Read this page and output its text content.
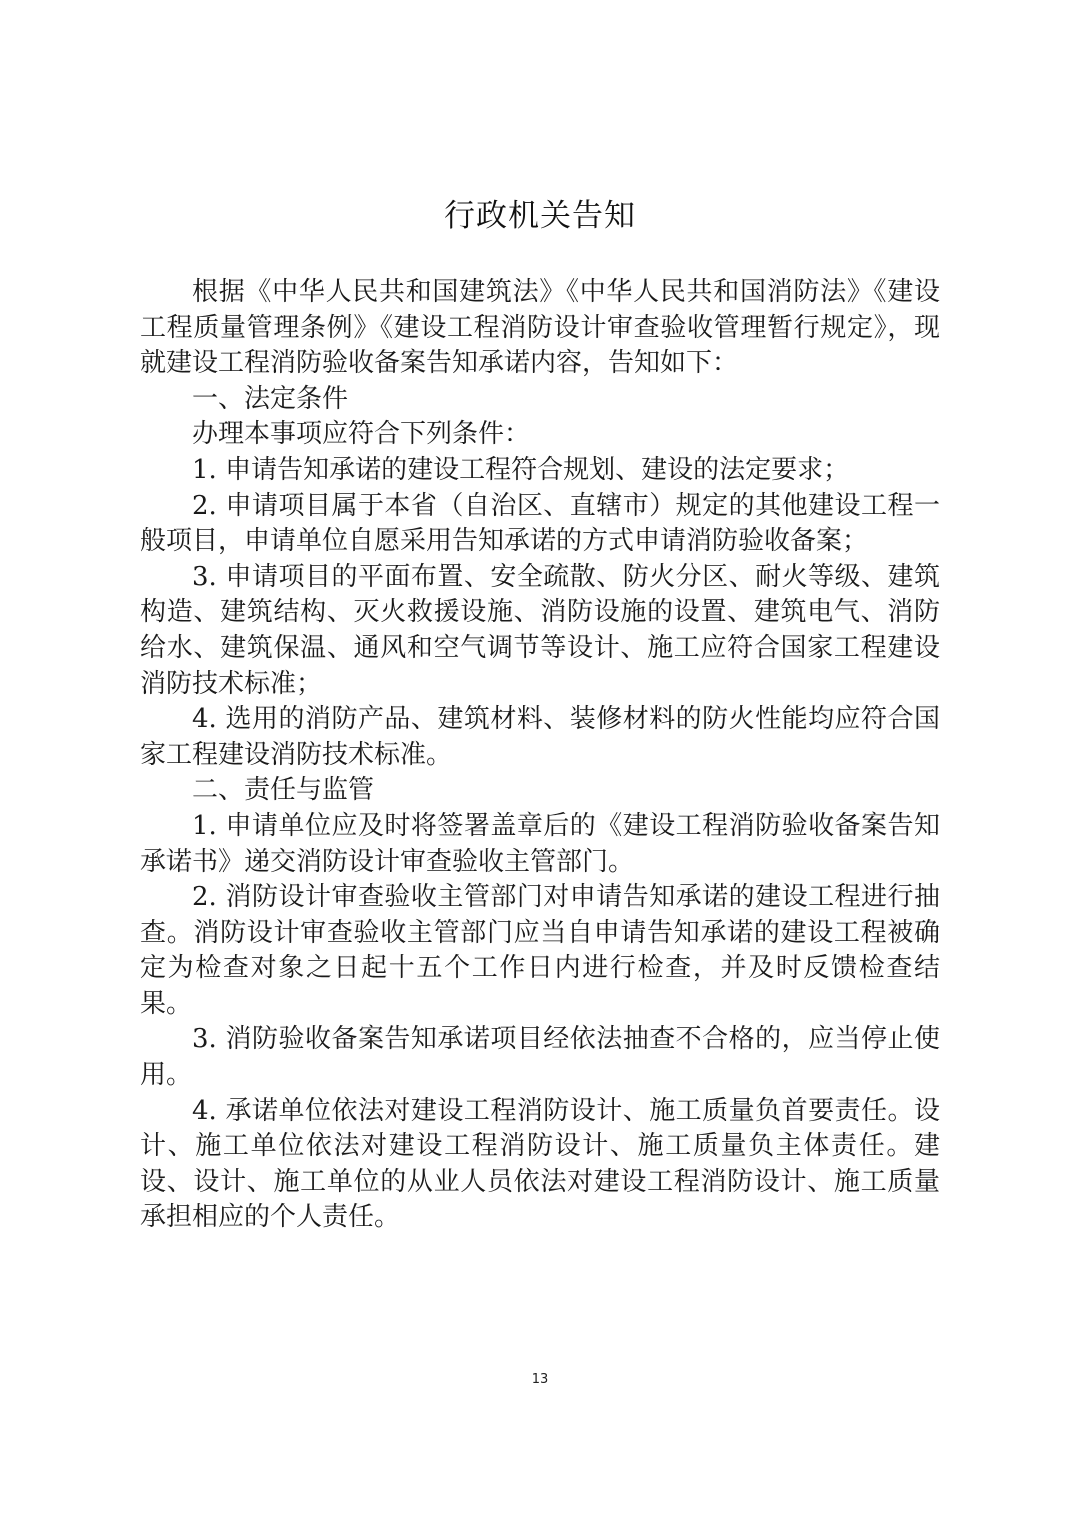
行政机关告知

根据《中华人民共和国建筑法》《中华人民共和国消防法》《建设工程质量管理条例》《建设工程消防设计审查验收管理暂行规定》，现就建设工程消防验收备案告知承诺内容，告知如下：

一、法定条件

办理本事项应符合下列条件：

1. 申请告知承诺的建设工程符合规划、建设的法定要求；

2. 申请项目属于本省（自治区、直辖市）规定的其他建设工程一般项目，申请单位自愿采用告知承诺的方式申请消防验收备案；

3. 申请项目的平面布置、安全疏散、防火分区、耐火等级、建筑构造、建筑结构、灭火救援设施、消防设施的设置、建筑电气、消防给水、建筑保温、通风和空气调节等设计、施工应符合国家工程建设消防技术标准；

4. 选用的消防产品、建筑材料、装修材料的防火性能均应符合国家工程建设消防技术标准。

二、责任与监管

1. 申请单位应及时将签署盖章后的《建设工程消防验收备案告知承诺书》递交消防设计审查验收主管部门。

2. 消防设计审查验收主管部门对申请告知承诺的建设工程进行抽查。消防设计审查验收主管部门应当自申请告知承诺的建设工程被确定为检查对象之日起十五个工作日内进行检查，并及时反馈检查结果。

3. 消防验收备案告知承诺项目经依法抽查不合格的，应当停止使用。

4. 承诺单位依法对建设工程消防设计、施工质量负首要责任。设计、施工单位依法对建设工程消防设计、施工质量负主体责任。建设、设计、施工单位的从业人员依法对建设工程消防设计、施工质量承担相应的个人责任。

13
